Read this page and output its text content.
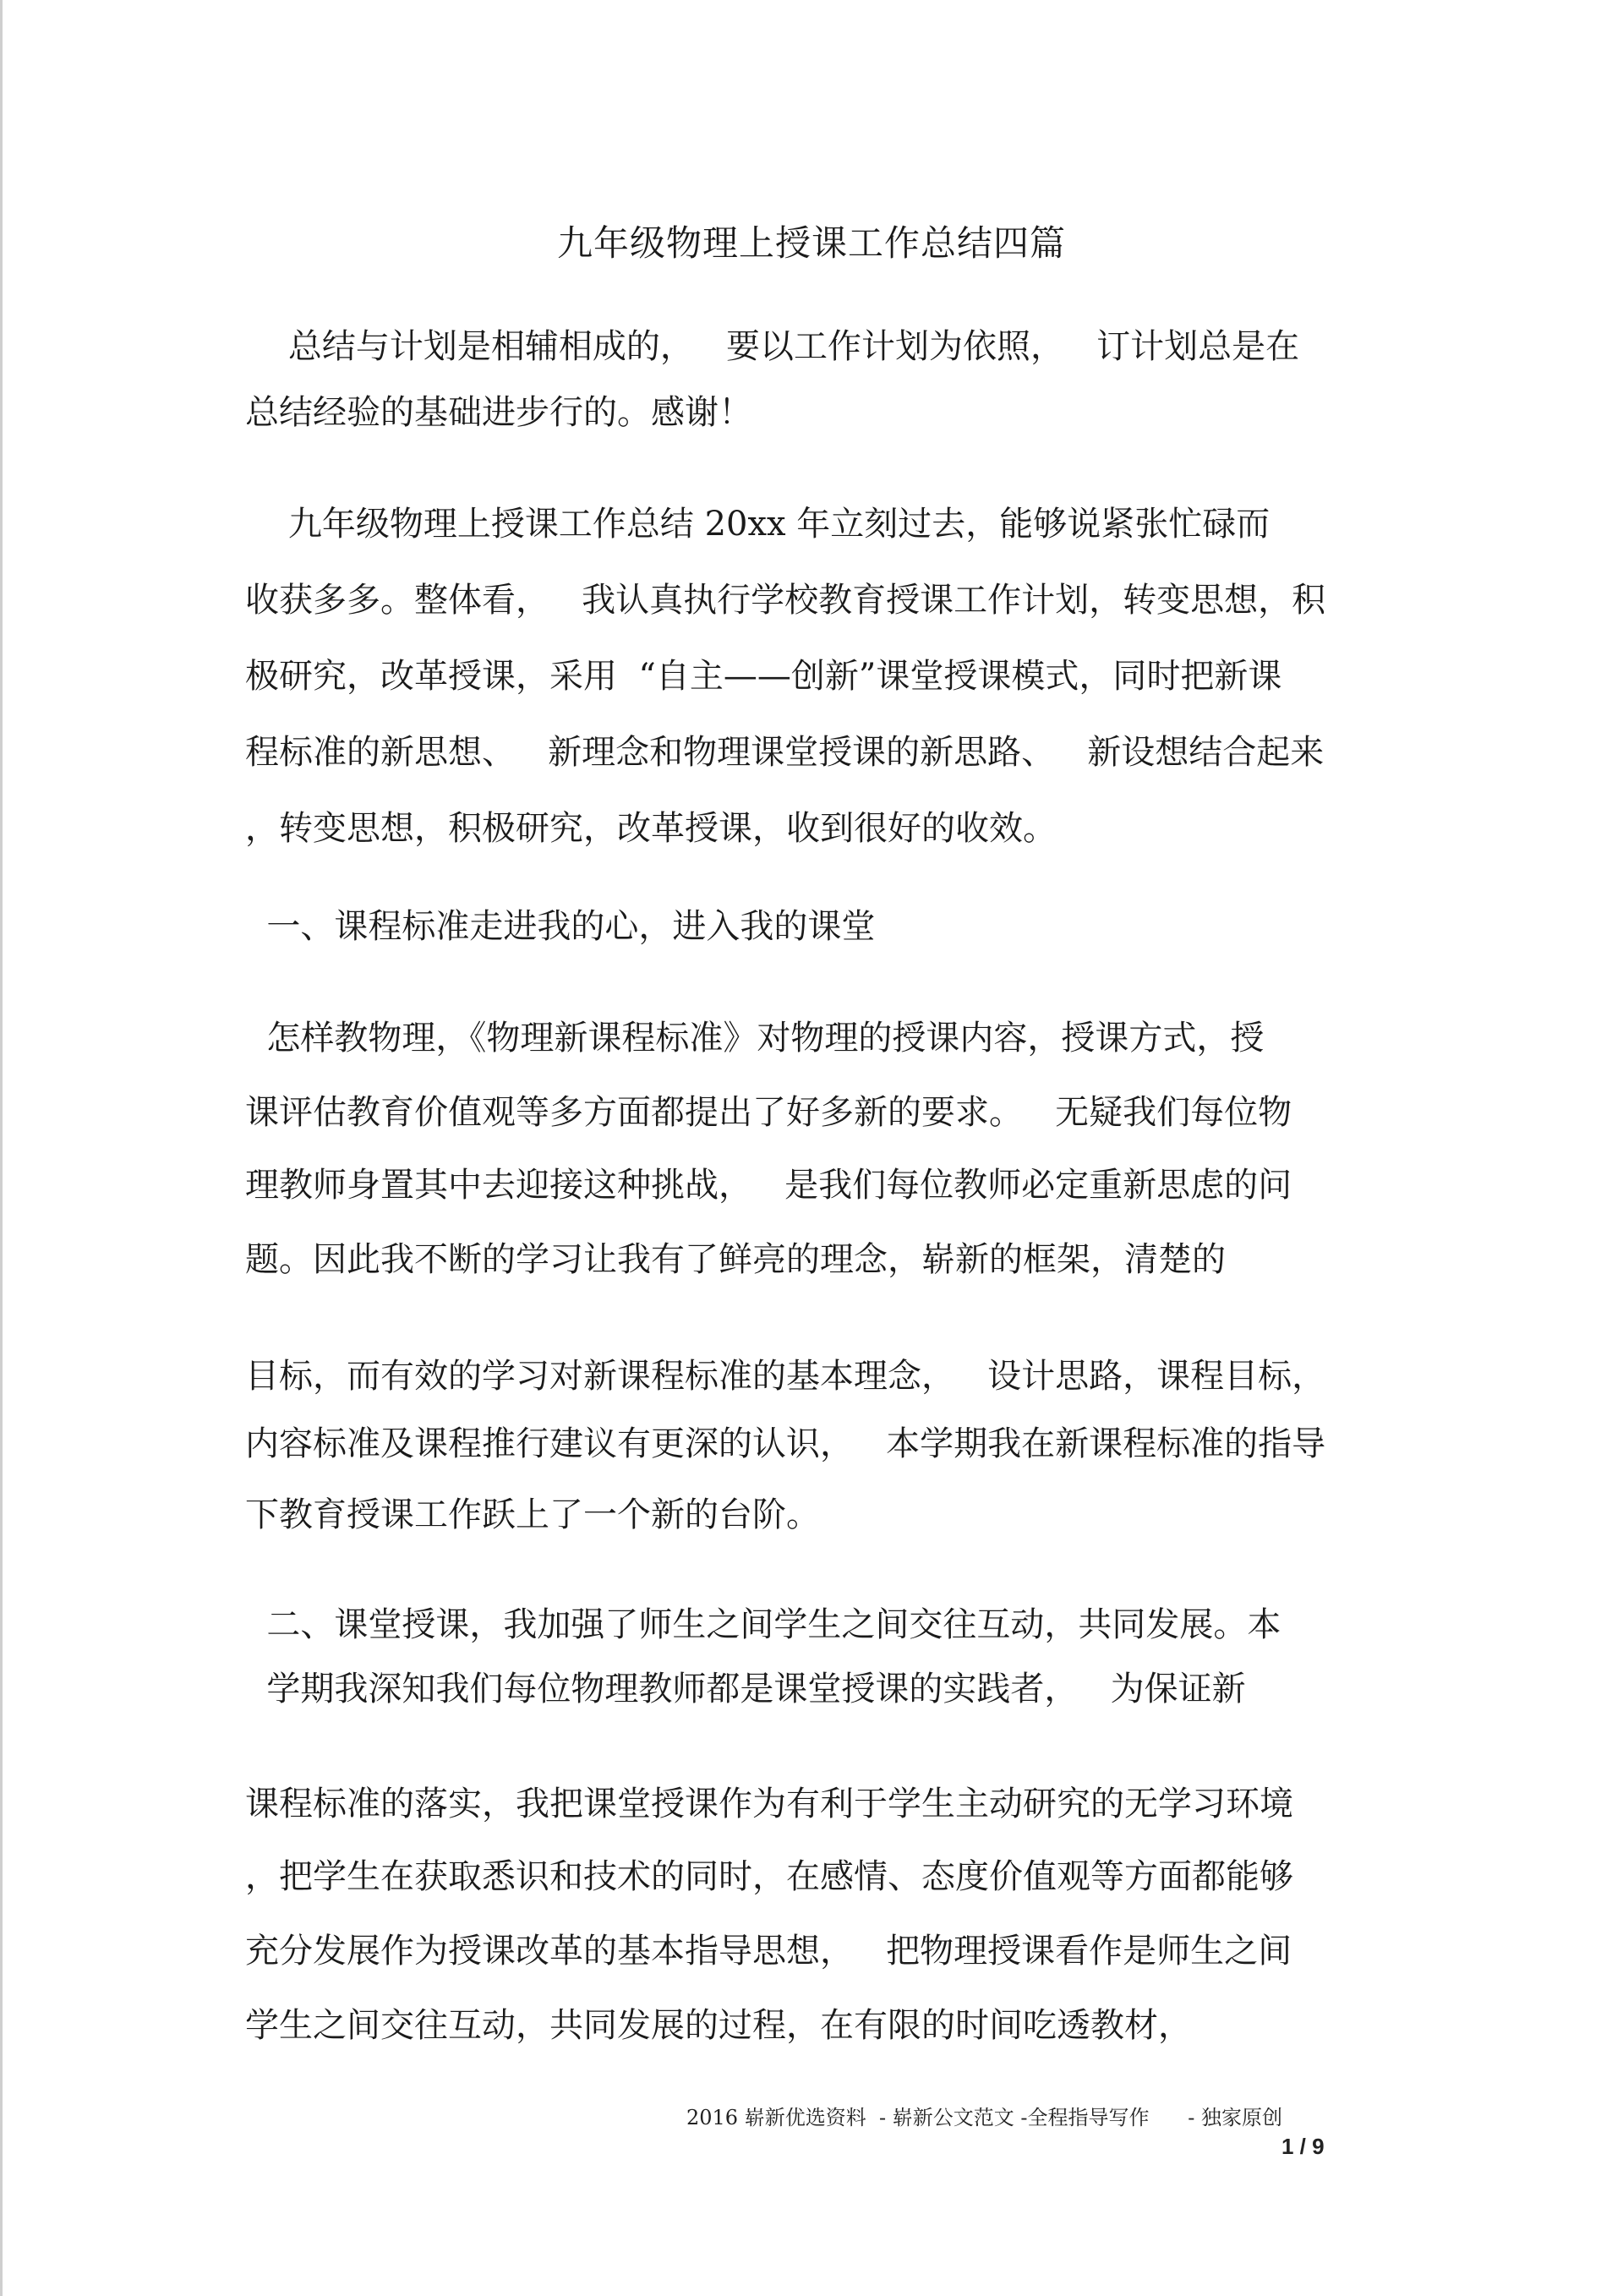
九年级物理上授课工作总结四篇
总结与计划是相辅相成的，   要以工作计划为依照，   订计划总是在
总结经验的基础进步行的。感谢！
九年级物理上授课工作总结 20xx 年立刻过去，能够说紧张忙碌而
收获多多。整体看，   我认真执行学校教育授课工作计划，转变思想，积
极研究，改革授课，采用  “自主——创新”课堂授课模式，同时把新课
程标准的新思想、   新理念和物理课堂授课的新思路、   新设想结合起来
，转变思想，积极研究，改革授课，收到很好的收效。
一、课程标准走进我的心，进入我的课堂
怎样教物理，《物理新课程标准》对物理的授课内容，授课方式，授
课评估教育价值观等多方面都提出了好多新的要求。   无疑我们每位物
理教师身置其中去迎接这种挑战，   是我们每位教师必定重新思虑的问
题。因此我不断的学习让我有了鲜亮的理念，崭新的框架，清楚的
目标，而有效的学习对新课程标准的基本理念，   设计思路，课程目标，
内容标准及课程推行建议有更深的认识，   本学期我在新课程标准的指导
下教育授课工作跃上了一个新的台阶。
二、课堂授课，我加强了师生之间学生之间交往互动，共同发展。本
学期我深知我们每位物理教师都是课堂授课的实践者，   为保证新
课程标准的落实，我把课堂授课作为有利于学生主动研究的无学习环境
，把学生在获取悉识和技术的同时，在感情、态度价值观等方面都能够
充分发展作为授课改革的基本指导思想，   把物理授课看作是师生之间
学生之间交往互动，共同发展的过程，在有限的时间吃透教材，
2016 崭新优选资料  - 崭新公文范文 -全程指导写作      - 独家原创
1 / 9
